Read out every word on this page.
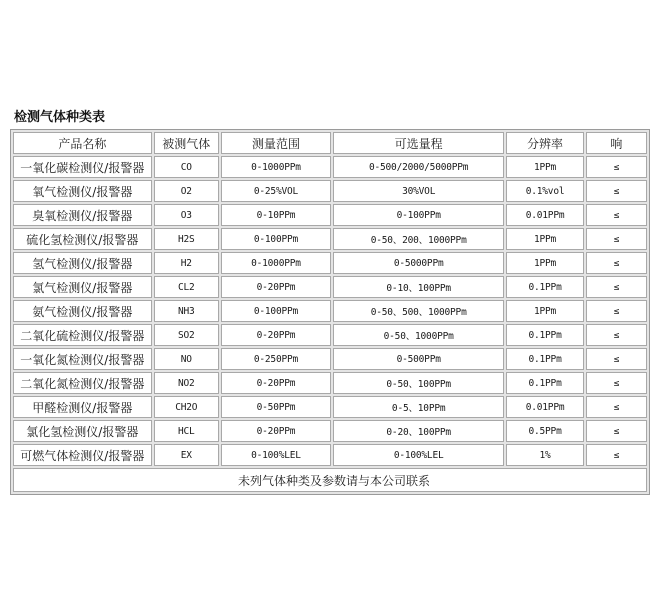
检测气体种类表
产品名称	被测气体	测量范围	可选量程	分辨率	响
一氧化碳检测仪/报警器	CO	0-1000PPm	0-500/2000/5000PPm	1PPm	≤
氧气检测仪/报警器	O2	0-25%VOL	30%VOL	0.1%vol	≤
臭氧检测仪/报警器	O3	0-10PPm	0-100PPm	0.01PPm	≤
硫化氢检测仪/报警器	H2S	0-100PPm	0-50、200、1000PPm	1PPm	≤
氢气检测仪/报警器	H2	0-1000PPm	0-5000PPm	1PPm	≤
氯气检测仪/报警器	CL2	0-20PPm	0-10、100PPm	0.1PPm	≤
氨气检测仪/报警器	NH3	0-100PPm	0-50、500、1000PPm	1PPm	≤
二氧化硫检测仪/报警器	SO2	0-20PPm	0-50、1000PPm	0.1PPm	≤
一氧化氮检测仪/报警器	NO	0-250PPm	0-500PPm	0.1PPm	≤
二氧化氮检测仪/报警器	NO2	0-20PPm	0-50、100PPm	0.1PPm	≤
甲醛检测仪/报警器	CH2O	0-50PPm	0-5、10PPm	0.01PPm	≤
氯化氢检测仪/报警器	HCL	0-20PPm	0-20、100PPm	0.5PPm	≤
可燃气体检测仪/报警器	EX	0-100%LEL	0-100%LEL	1%	≤
未列气体种类及参数请与本公司联系					
